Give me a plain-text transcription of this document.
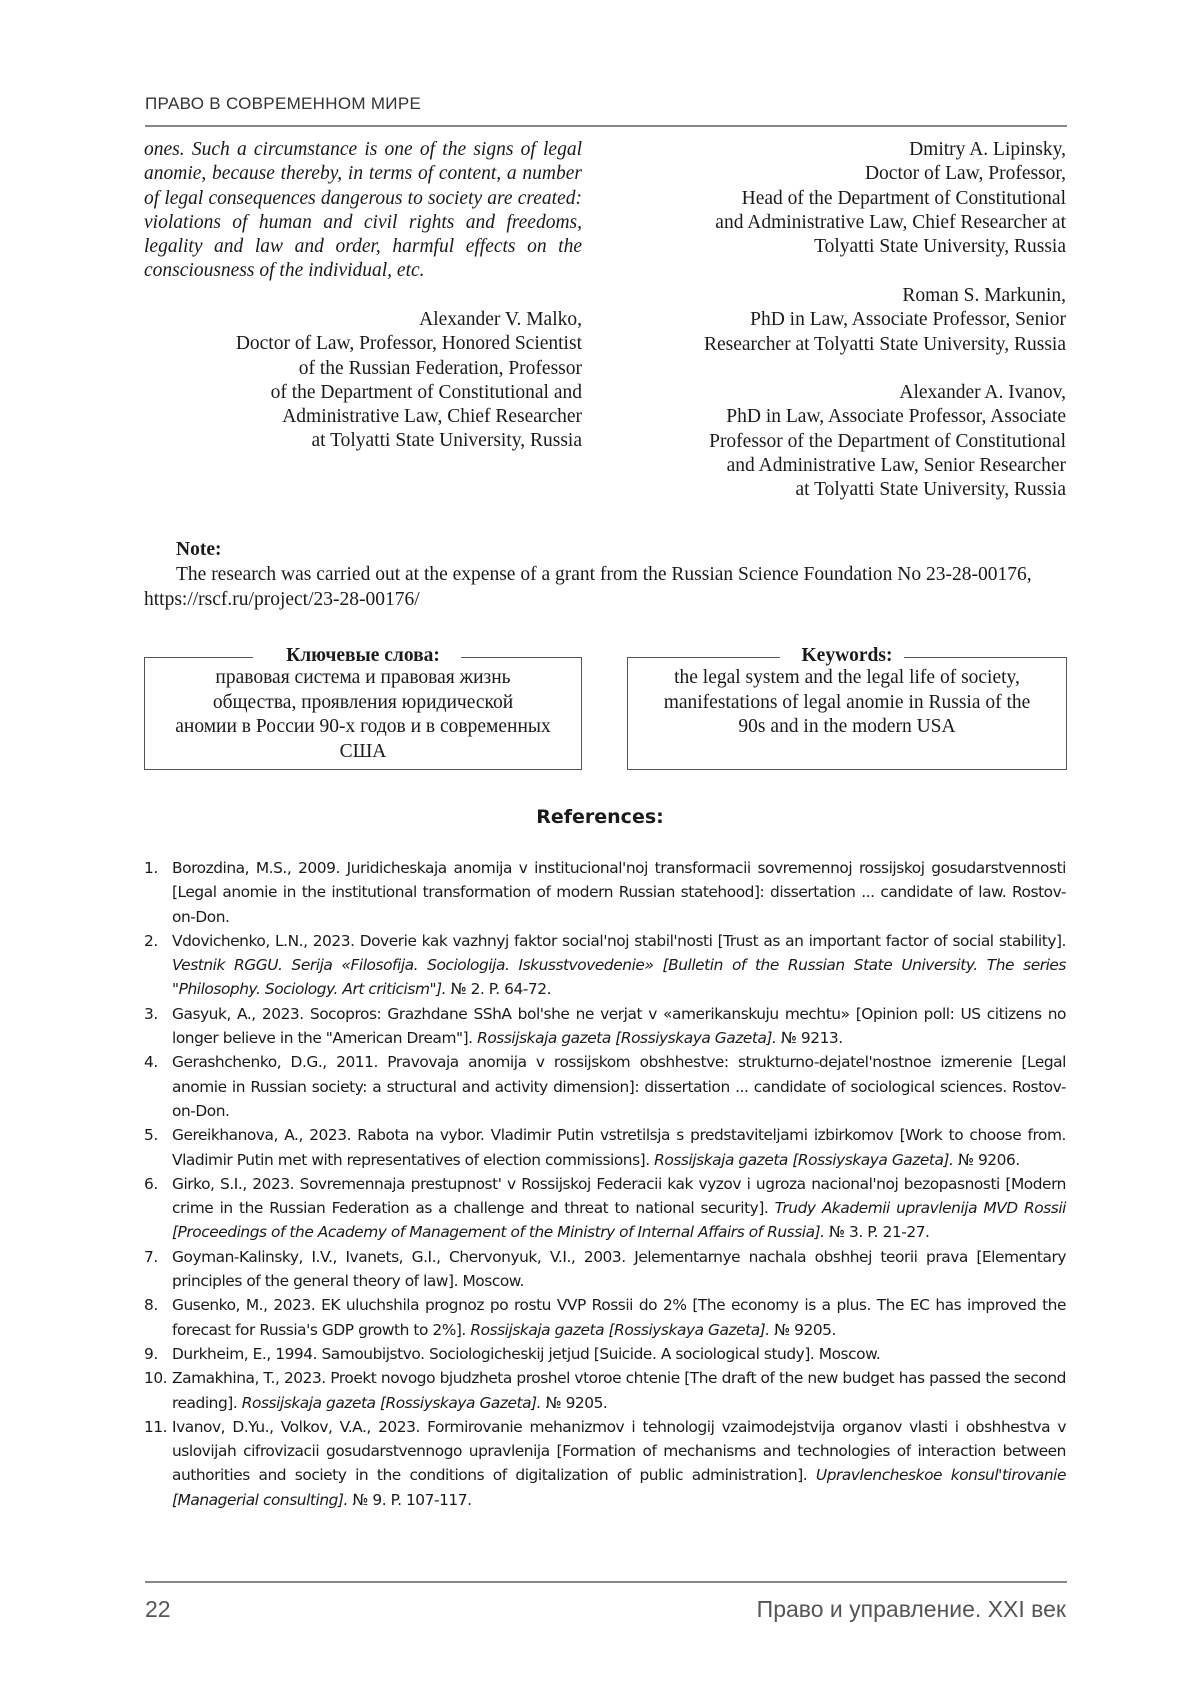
ПРАВО В СОВРЕМЕННОМ МИРЕ
ones. Such a circumstance is one of the signs of legal anomie, because thereby, in terms of content, a number of legal consequences dangerous to society are created: violations of human and civil rights and freedoms, legality and law and order, harmful effects on the consciousness of the individual, etc.
Alexander V. Malko,
Doctor of Law, Professor, Honored Scientist
of the Russian Federation, Professor
of the Department of Constitutional and
Administrative Law, Chief Researcher
at Tolyatti State University, Russia
Dmitry A. Lipinsky,
Doctor of Law, Professor,
Head of the Department of Constitutional
and Administrative Law, Chief Researcher at
Tolyatti State University, Russia
Roman S. Markunin,
PhD in Law, Associate Professor, Senior
Researcher at Tolyatti State University, Russia
Alexander A. Ivanov,
PhD in Law, Associate Professor, Associate
Professor of the Department of Constitutional
and Administrative Law, Senior Researcher
at Tolyatti State University, Russia
Note:
The research was carried out at the expense of a grant from the Russian Science Foundation No 23-28-00176, https://rscf.ru/project/23-28-00176/
Ключевые слова:
правовая система и правовая жизнь
общества, проявления юридической
аномии в России 90-х годов и в современных
США
Keywords:
the legal system and the legal life of society,
manifestations of legal anomie in Russia of the
90s and in the modern USA
References:
1. Borozdina, M.S., 2009. Juridicheskaja anomija v institucional'noj transformacii sovremennoj rossijskoj gosudarstvennosti [Legal anomie in the institutional transformation of modern Russian statehood]: dissertation ... candidate of law. Rostov-on-Don.
2. Vdovichenko, L.N., 2023. Doverie kak vazhnyj faktor social'noj stabil'nosti [Trust as an important factor of social stability]. Vestnik RGGU. Serija «Filosofija. Sociologija. Iskusstvovedenie» [Bulletin of the Russian State University. The series "Philosophy. Sociology. Art criticism"]. № 2. P. 64-72.
3. Gasyuk, A., 2023. Socopros: Grazhdane SShA bol'she ne verjat v «amerikanskuju mechtu» [Opinion poll: US citizens no longer believe in the "American Dream"]. Rossijskaja gazeta [Rossiyskaya Gazeta]. № 9213.
4. Gerashchenko, D.G., 2011. Pravovaja anomija v rossijskom obshhestve: strukturno-dejatel'nostnoe izmerenie [Legal anomie in Russian society: a structural and activity dimension]: dissertation ... candidate of sociological sciences. Rostov-on-Don.
5. Gereikhanova, A., 2023. Rabota na vybor. Vladimir Putin vstretilsja s predstaviteljami izbirkomov [Work to choose from. Vladimir Putin met with representatives of election commissions]. Rossijskaja gazeta [Rossiyskaya Gazeta]. № 9206.
6. Girko, S.I., 2023. Sovremennaja prestupnost' v Rossijskoj Federacii kak vyzov i ugroza nacional'noj bezopasnosti [Modern crime in the Russian Federation as a challenge and threat to national security]. Trudy Akademii upravlenija MVD Rossii [Proceedings of the Academy of Management of the Ministry of Internal Affairs of Russia]. № 3. P. 21-27.
7. Goyman-Kalinsky, I.V., Ivanets, G.I., Chervonyuk, V.I., 2003. Jelementarnye nachala obshhej teorii prava [Elementary principles of the general theory of law]. Moscow.
8. Gusenko, M., 2023. EK uluchshila prognoz po rostu VVP Rossii do 2% [The economy is a plus. The EC has improved the forecast for Russia's GDP growth to 2%]. Rossijskaja gazeta [Rossiyskaya Gazeta]. № 9205.
9. Durkheim, E., 1994. Samoubijstvo. Sociologicheskij jetjud [Suicide. A sociological study]. Moscow.
10. Zamakhina, T., 2023. Proekt novogo bjudzheta proshel vtoroe chtenie [The draft of the new budget has passed the second reading]. Rossijskaja gazeta [Rossiyskaya Gazeta]. № 9205.
11. Ivanov, D.Yu., Volkov, V.A., 2023. Formirovanie mehanizmov i tehnologij vzaimodejstvija organov vlasti i obshhestva v uslovijah cifrovizacii gosudarstvennogo upravlenija [Formation of mechanisms and technologies of interaction between authorities and society in the conditions of digitalization of public administration]. Upravlencheskoe konsul'tirovanie [Managerial consulting]. № 9. P. 107-117.
22	Право и управление. XXI век
